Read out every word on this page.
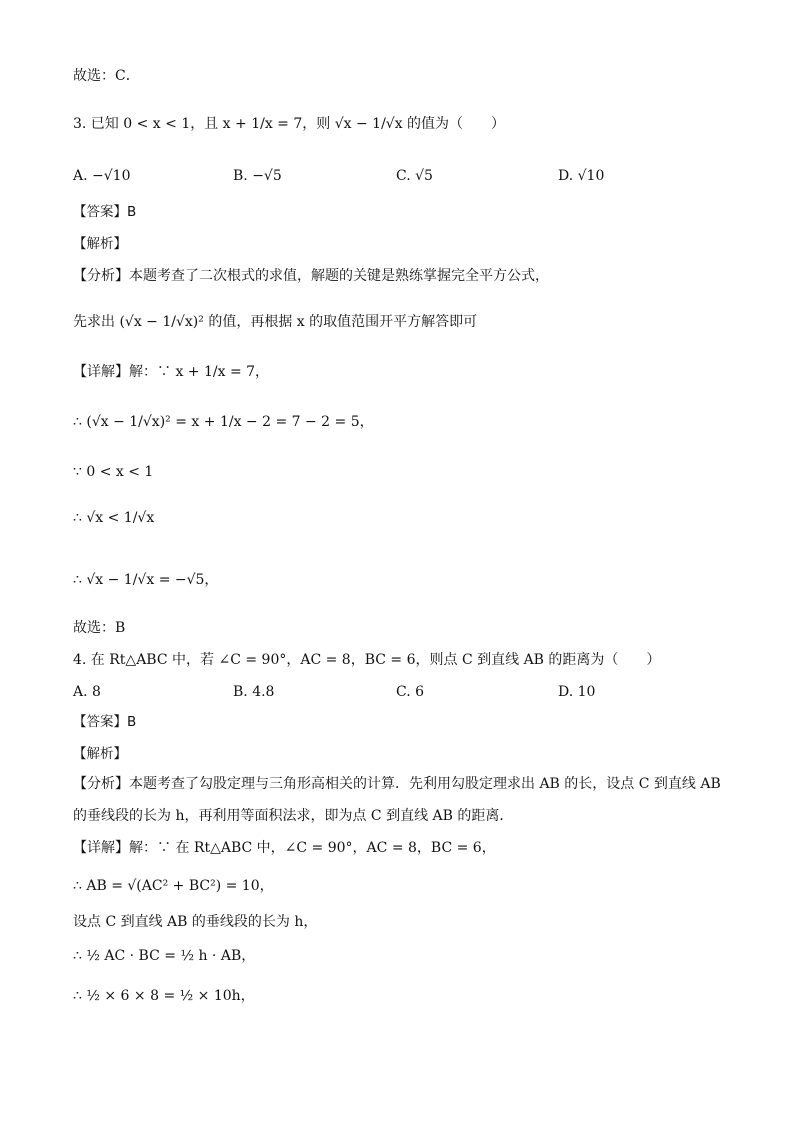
故选：C．
3. 已知 0 < x < 1，且 x + 1/x = 7，则 √x − 1/√x 的值为（　　）
A. −√10	B. −√5	C. √5	D. √10
【答案】B
【解析】
【分析】本题考查了二次根式的求值，解题的关键是熟练掌握完全平方公式，
先求出 (√x − 1/√x)² 的值，再根据 x 的取值范围开平方解答即可
【详解】解：∵ x + 1/x = 7，
∴ (√x − 1/√x)² = x + 1/x − 2 = 7 − 2 = 5，
∵ 0 < x < 1
∴ √x < 1/√x
∴ √x − 1/√x = −√5，
故选：B
4. 在 Rt△ABC 中，若 ∠C = 90°，AC = 8，BC = 6，则点 C 到直线 AB 的距离为（　　）
A. 8	B. 4.8	C. 6	D. 10
【答案】B
【解析】
【分析】本题考查了勾股定理与三角形高相关的计算．先利用勾股定理求出 AB 的长，设点 C 到直线 AB
的垂线段的长为 h，再利用等面积法求，即为点 C 到直线 AB 的距离．
【详解】解：∵ 在 Rt△ABC 中，∠C = 90°，AC = 8，BC = 6，
∴ AB = √(AC² + BC²) = 10，
设点 C 到直线 AB 的垂线段的长为 h，
∴ ½ AC · BC = ½ h · AB，
∴ ½ × 6 × 8 = ½ × 10h，
